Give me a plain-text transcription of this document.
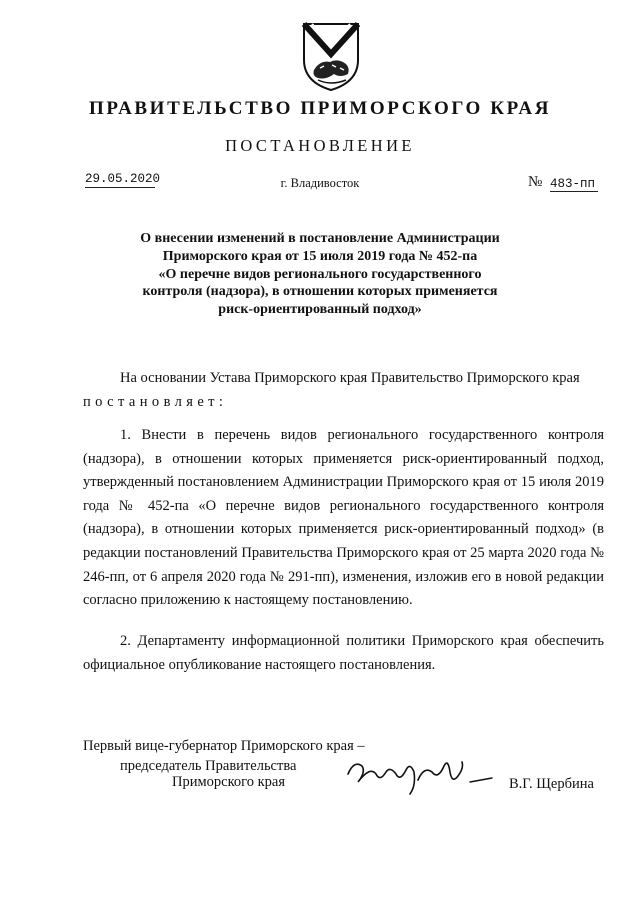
ПРАВИТЕЛЬСТВО ПРИМОРСКОГО КРАЯ
ПОСТАНОВЛЕНИЕ
29.05.2020	г. Владивосток	№ 483-пп
О внесении изменений в постановление Администрации
Приморского края от 15 июля 2019 года № 452-па
«О перечне видов регионального государственного
контроля (надзора), в отношении которых применяется
риск-ориентированный подход»
На основании Устава Приморского края Правительство Приморского края
постановляет:
1. Внести в перечень видов регионального государственного контроля (надзора), в отношении которых применяется риск-ориентированный подход, утвержденный постановлением Администрации Приморского края от 15 июля 2019 года № 452-па «О перечне видов регионального государственного контроля (надзора), в отношении которых применяется риск-ориентированный подход» (в редакции постановлений Правительства Приморского края от 25 марта 2020 года № 246-пп, от 6 апреля 2020 года № 291-пп), изменения, изложив его в новой редакции согласно приложению к настоящему постановлению.
2. Департаменту информационной политики Приморского края обеспечить официальное опубликование настоящего постановления.
Первый вице-губернатор Приморского края –
председатель Правительства
Приморского края	В.Г. Щербина
